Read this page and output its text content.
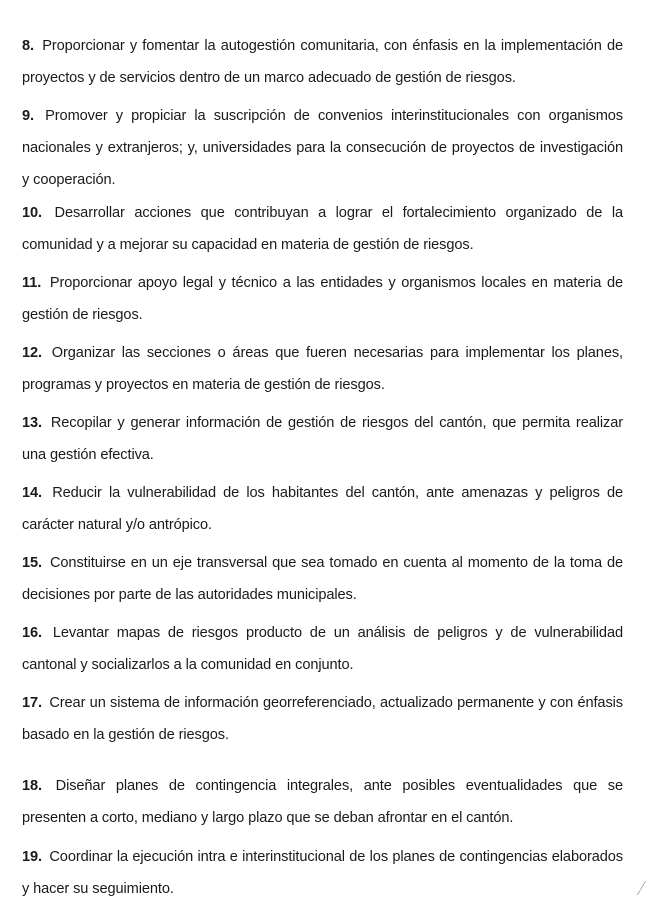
8. Proporcionar y fomentar la autogestión comunitaria, con énfasis en la implementación de proyectos y de servicios dentro de un marco adecuado de gestión de riesgos.

9. Promover y propiciar la suscripción de convenios interinstitucionales con organismos nacionales y extranjeros; y, universidades para la consecución de proyectos de investigación y cooperación.

10. Desarrollar acciones que contribuyan a lograr el fortalecimiento organizado de la comunidad y a mejorar su capacidad en materia de gestión de riesgos.

11. Proporcionar apoyo legal y técnico a las entidades y organismos locales en materia de gestión de riesgos.

12. Organizar las secciones o áreas que fueren necesarias para implementar los planes, programas y proyectos en materia de gestión de riesgos.

13. Recopilar y generar información de gestión de riesgos del cantón, que permita realizar una gestión efectiva.

14. Reducir la vulnerabilidad de los habitantes del cantón, ante amenazas y peligros de carácter natural y/o antrópico.

15. Constituirse en un eje transversal que sea tomado en cuenta al momento de la toma de decisiones por parte de las autoridades municipales.

16. Levantar mapas de riesgos producto de un análisis de peligros y de vulnerabilidad cantonal y socializarlos a la comunidad en conjunto.

17. Crear un sistema de información georreferenciado, actualizado permanente y con énfasis basado en la gestión de riesgos.

18. Diseñar planes de contingencia integrales, ante posibles eventualidades que se presenten a corto, mediano y largo plazo que se deban afrontar en el cantón.

19. Coordinar la ejecución intra e interinstitucional de los planes de contingencias elaborados y hacer su seguimiento.
